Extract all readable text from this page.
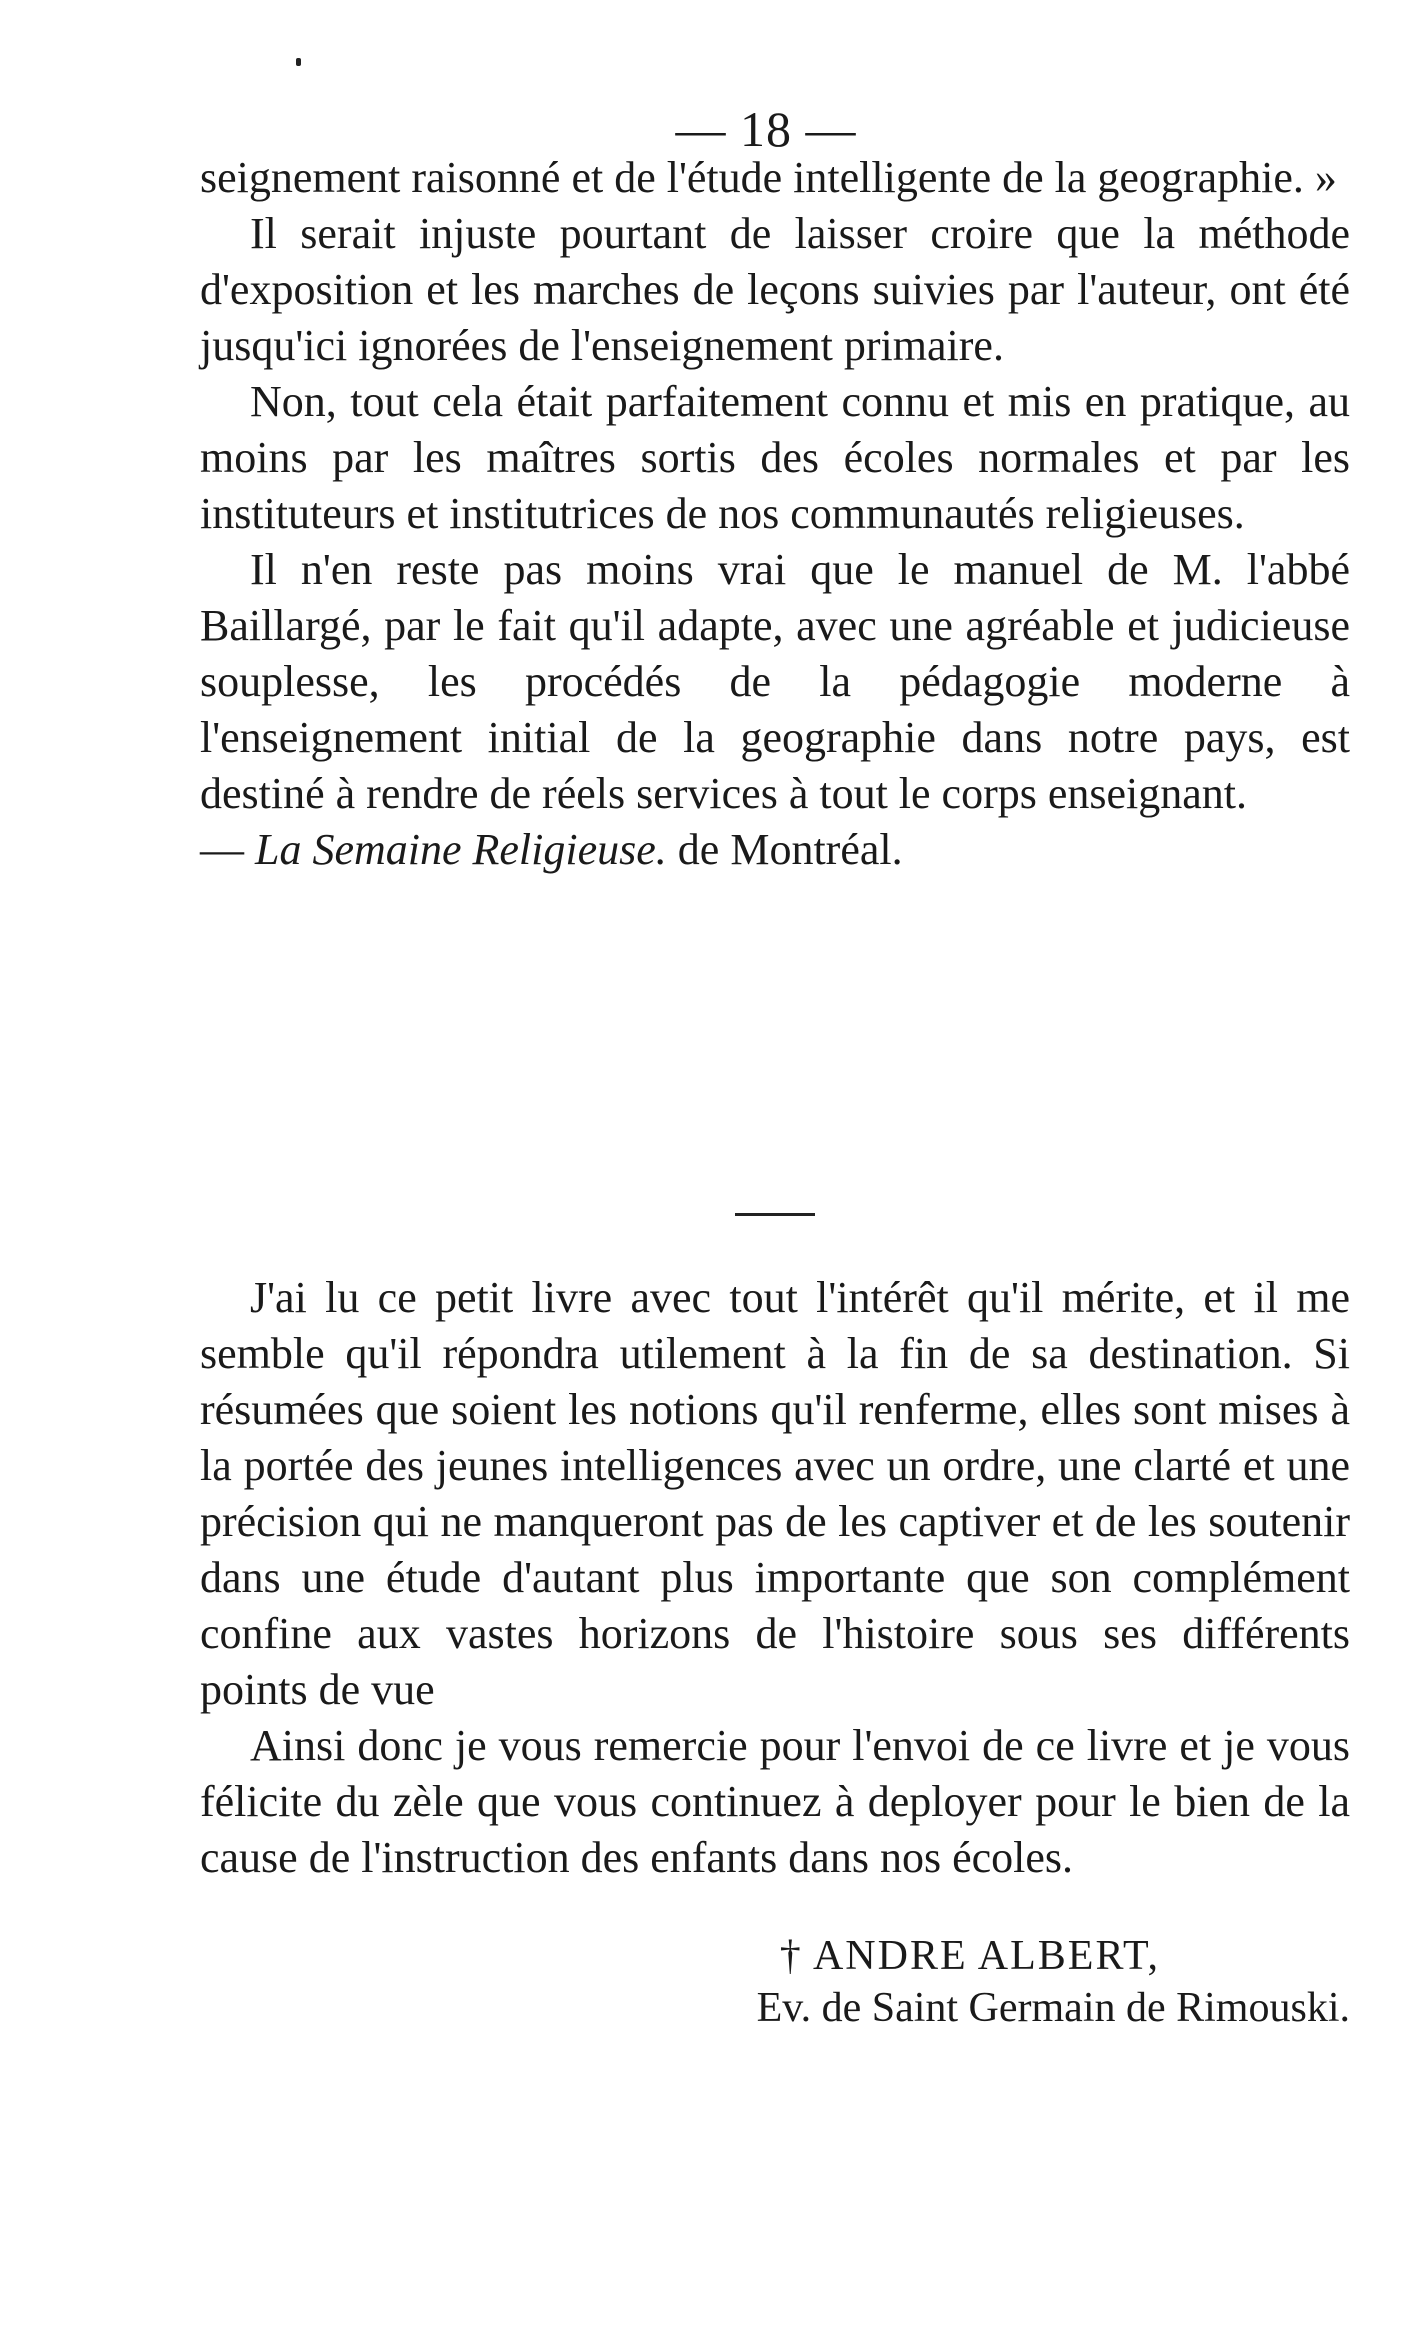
— 18 —

seignement raisonné et de l'étude intelligente de la geographie. »

Il serait injuste pourtant de laisser croire que la méthode d'exposition et les marches de leçons suivies par l'auteur, ont été jusqu'ici ignorées de l'enseignement primaire.

Non, tout cela était parfaitement connu et mis en pratique, au moins par les maîtres sortis des écoles normales et par les instituteurs et institutrices de nos communautés religieuses.

Il n'en reste pas moins vrai que le manuel de M. l'abbé Baillargé, par le fait qu'il adapte, avec une agréable et judicieuse souplesse, les procédés de la pédagogie moderne à l'enseignement initial de la geographie dans notre pays, est destiné à rendre de réels services à tout le corps enseignant.

— La Semaine Religieuse. de Montréal.

J'ai lu ce petit livre avec tout l'intérêt qu'il mérite, et il me semble qu'il répondra utilement à la fin de sa destination. Si résumées que soient les notions qu'il renferme, elles sont mises à la portée des jeunes intelligences avec un ordre, une clarté et une précision qui ne manqueront pas de les captiver et de les soutenir dans une étude d'autant plus importante que son complément confine aux vastes horizons de l'histoire sous ses différents points de vue

Ainsi donc je vous remercie pour l'envoi de ce livre et je vous félicite du zèle que vous continuez à deployer pour le bien de la cause de l'instruction des enfants dans nos écoles.

† ANDRE ALBERT,
Ev. de Saint Germain de Rimouski.
